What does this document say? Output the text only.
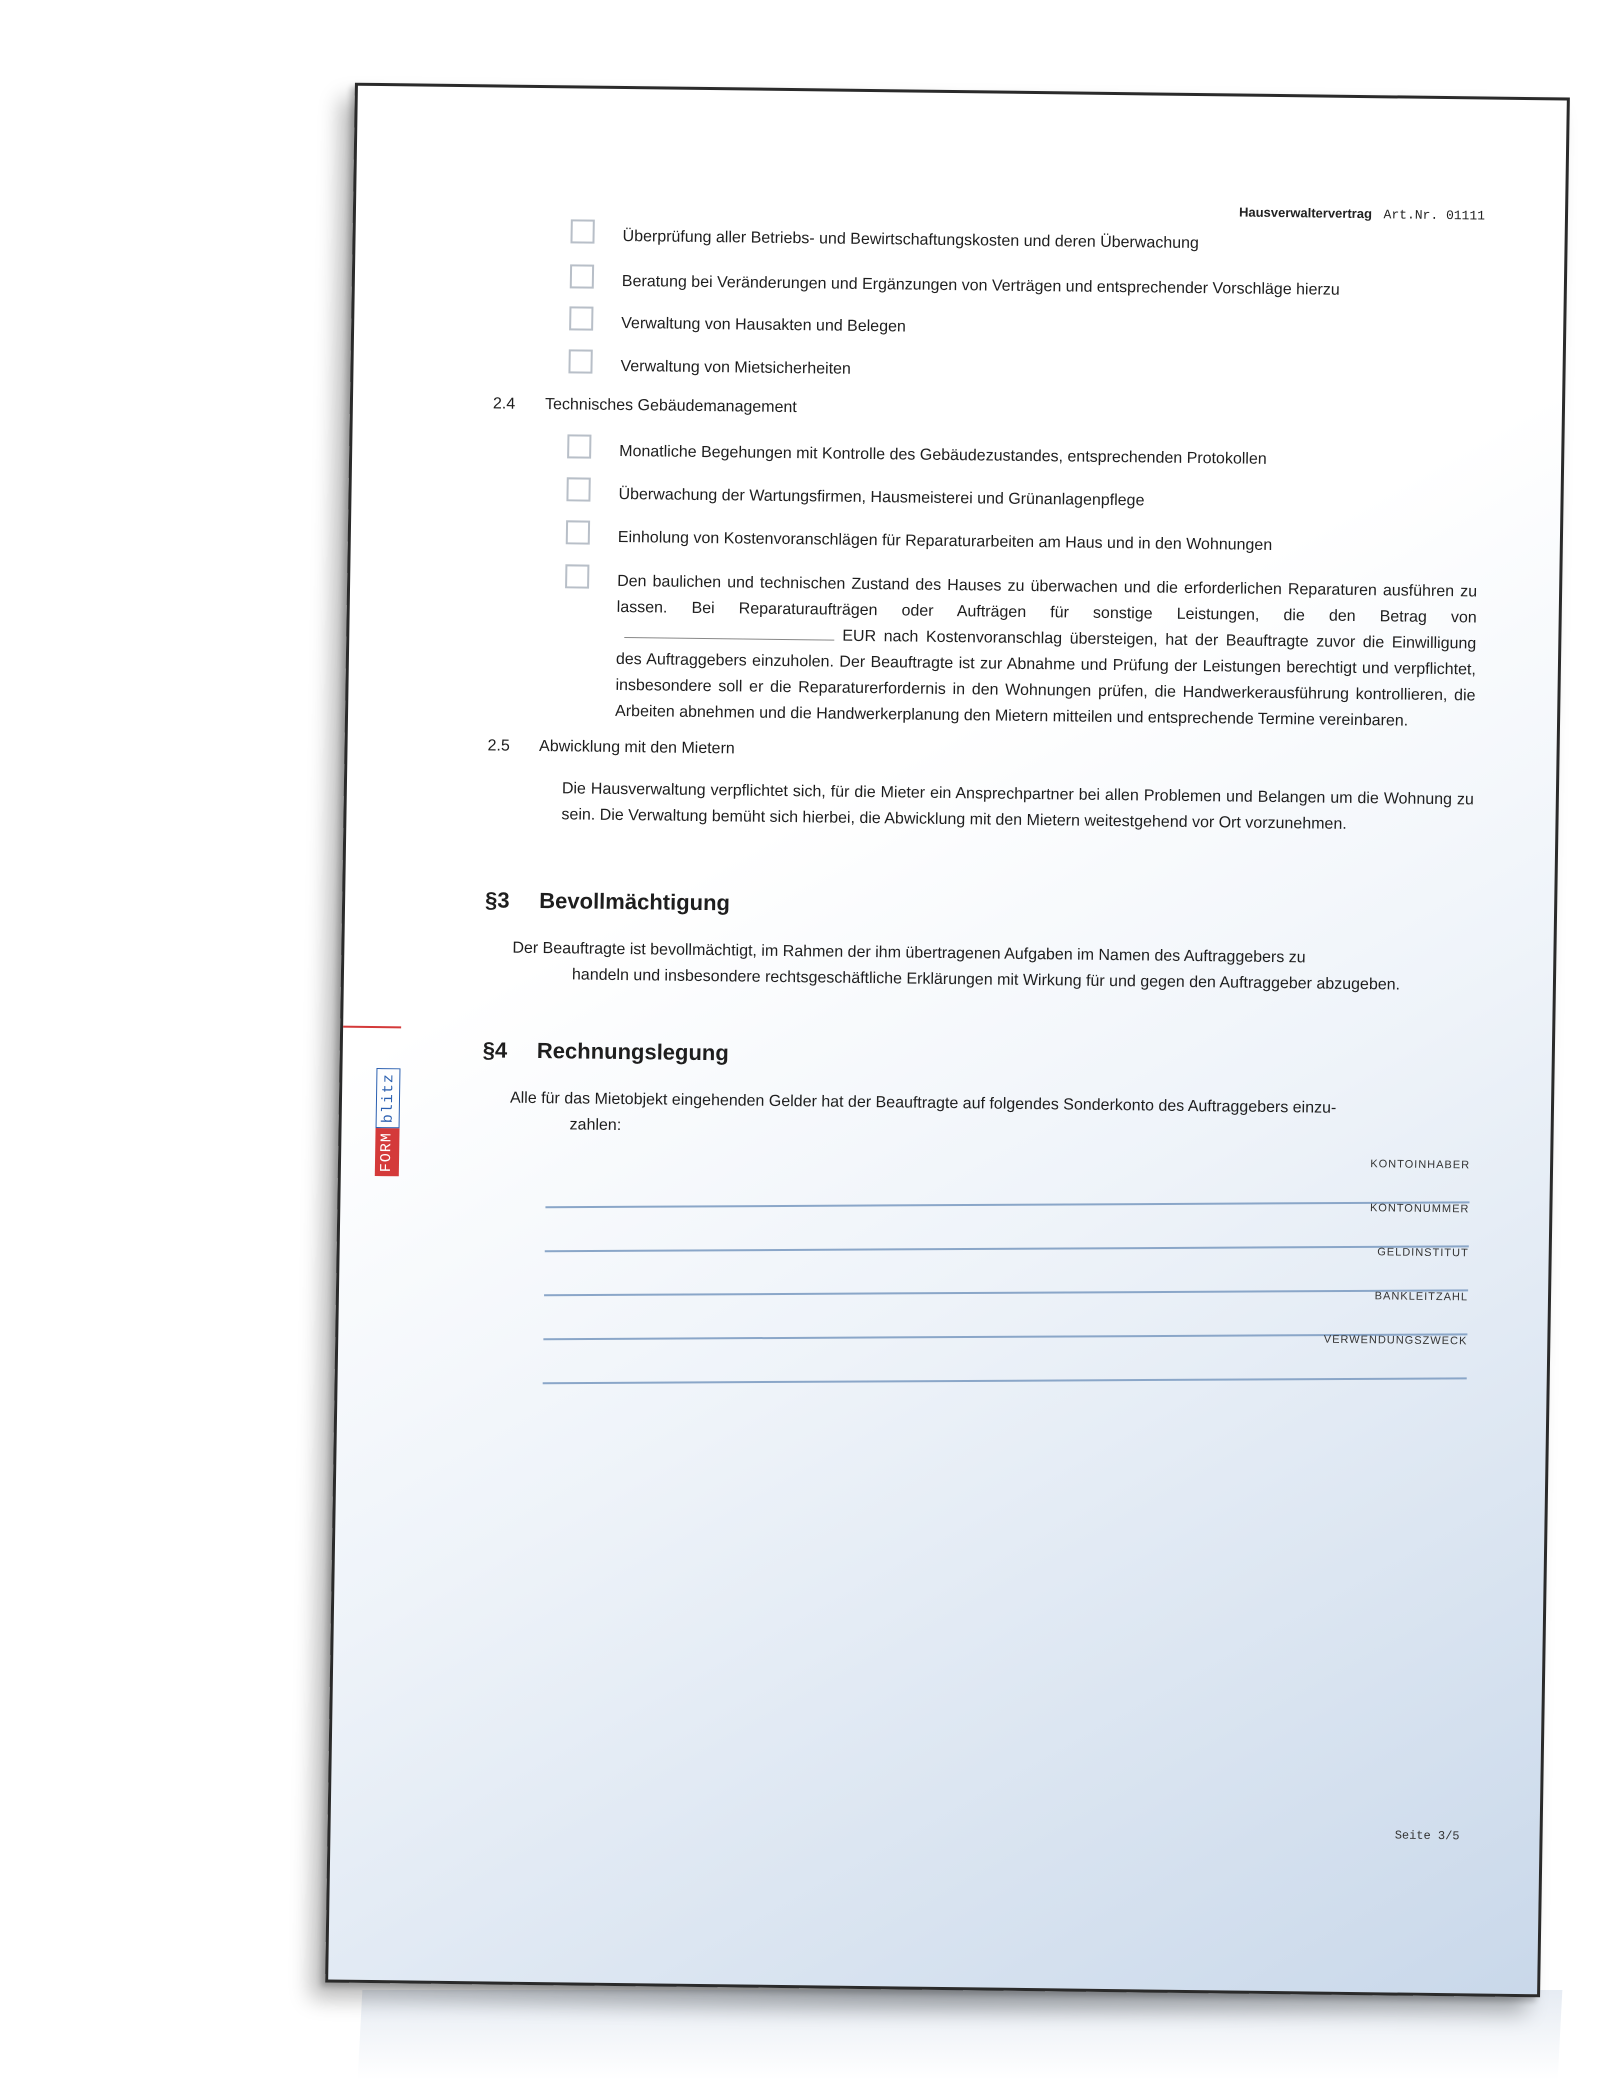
Hausverwaltervertrag Art.Nr. 01111
FORM
blitz
Überprüfung aller Betriebs- und Bewirtschaftungskosten und deren Überwachung
Beratung bei Veränderungen und Ergänzungen von Verträgen und entsprechender Vorschläge hierzu
Verwaltung von Hausakten und Belegen
Verwaltung von Mietsicherheiten
2.4 Technisches Gebäudemanagement
Monatliche Begehungen mit Kontrolle des Gebäudezustandes, entsprechenden Protokollen
Überwachung der Wartungsfirmen, Hausmeisterei und Grünanlagenpflege
Einholung von Kostenvoranschlägen für Reparaturarbeiten am Haus und in den Wohnungen
Den baulichen und technischen Zustand des Hauses zu überwachen und die erforderlichen Reparaturen ausführen zu lassen. Bei Reparaturaufträgen oder Aufträgen für sonstige Leistungen, die den Betrag vonEUR nach Kostenvoranschlag übersteigen, hat der Beauftragte zuvor die Einwilligung des Auftraggebers einzuholen. Der Beauftragte ist zur Abnahme und Prüfung der Leistungen berechtigt und verpflichtet, insbesondere soll er die Reparaturerfordernis in den Wohnungen prüfen, die Handwerkerausführung kontrollieren, die Arbeiten abnehmen und die Handwerkerplanung den Mietern mitteilen und entsprechende Termine vereinbaren.
2.5 Abwicklung mit den Mietern
Die Hausverwaltung verpflichtet sich, für die Mieter ein Ansprechpartner bei allen Problemen und Belangen um die Wohnung zu sein. Die Verwaltung bemüht sich hierbei, die Abwicklung mit den Mietern weitestgehend vor Ort vorzunehmen.
§3 Bevollmächtigung
Der Beauftragte ist bevollmächtigt, im Rahmen der ihm übertragenen Aufgaben im Namen des Auftraggebers zu
handeln und insbesondere rechtsgeschäftliche Erklärungen mit Wirkung für und gegen den Auftraggeber abzugeben.
§4 Rechnungslegung
Alle für das Mietobjekt eingehenden Gelder hat der Beauftragte auf folgendes Sonderkonto des Auftraggebers einzu-
zahlen:
KONTOINHABER
KONTONUMMER
GELDINSTITUT
BANKLEITZAHL
VERWENDUNGSZWECK
Seite 3/5
